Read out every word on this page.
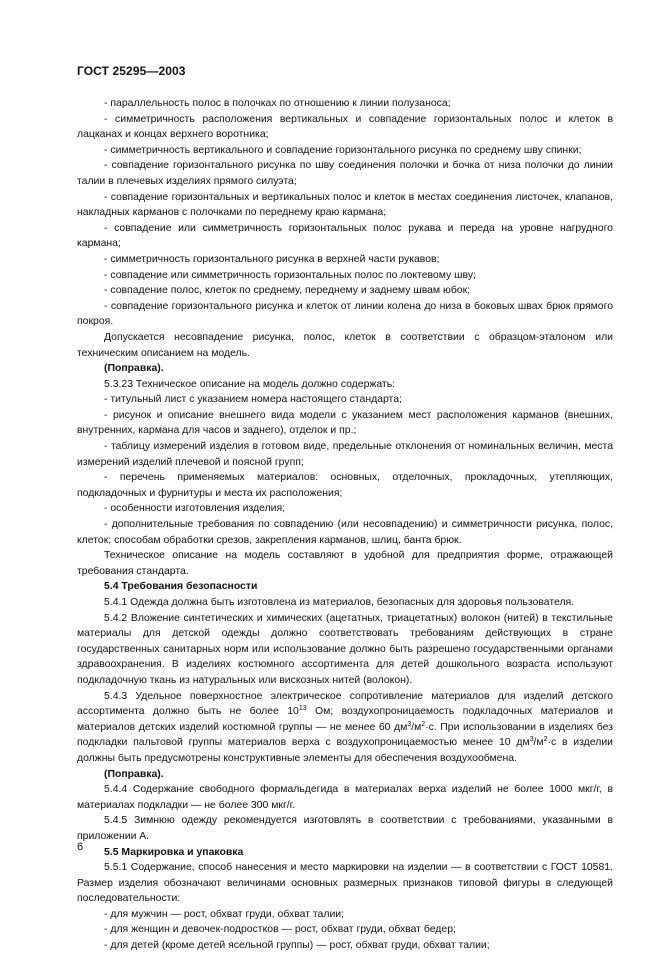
ГОСТ 25295—2003

- параллельность полос в полочках по отношению к линии полузаноса;

- симметричность расположения вертикальных и совпадение горизонтальных полос и клеток в лацканах и концах верхнего воротника;

- симметричность вертикального и совпадение горизонтального рисунка по среднему шву спинки;

- совпадение горизонтального рисунка по шву соединения полочки и бочка от низа полочки до линии талии в плечевых изделиях прямого силуэта;

- совпадение горизонтальных и вертикальных полос и клеток в местах соединения листочек, клапанов, накладных карманов с полочками по переднему краю кармана;

- совпадение или симметричность горизонтальных полос рукава и переда на уровне нагрудного кармана;

- симметричность горизонтального рисунка в верхней части рукавов;

- совпадение или симметричность горизонтальных полос по локтевому шву;

- совпадение полос, клеток по среднему, переднему и заднему швам юбок;

- совпадение горизонтального рисунка и клеток от линии колена до низа в боковых швах брюк прямого покроя.

Допускается несовпадение рисунка, полос, клеток в соответствии с образцом-эталоном или техническим описанием на модель.

(Поправка).

5.3.23 Техническое описание на модель должно содержать:

- титульный лист с указанием номера настоящего стандарта;

- рисунок и описание внешнего вида модели с указанием мест расположения карманов (внешних, внутренних, кармана для часов и заднего), отделок и пр.;

- таблицу измерений изделия в готовом виде, предельные отклонения от номинальных величин, места измерений изделий плечевой и поясной групп;

- перечень применяемых материалов: основных, отделочных, прокладочных, утепляющих, подкладочных и фурнитуры и места их расположения;

- особенности изготовления изделия;

- дополнительные требования по совпадению (или несовпадению) и симметричности рисунка, полос, клеток; способам обработки срезов, закрепления карманов, шлиц, банта брюк.

Техническое описание на модель составляют в удобной для предприятия форме, отражающей требования стандарта.

5.4 Требования безопасности

5.4.1 Одежда должна быть изготовлена из материалов, безопасных для здоровья пользователя.

5.4.2 Вложение синтетических и химических (ацетатных, триацетатных) волокон (нитей) в текстильные материалы для детской одежды должно соответствовать требованиям действующих в стране государственных санитарных норм или использование должно быть разрешено государственными органами здравоохранения. В изделиях костюмного ассортимента для детей дошкольного возраста используют подкладочную ткань из натуральных или вискозных нитей (волокон).

5.4.3 Удельное поверхностное электрическое сопротивление материалов для изделий детского ассортимента должно быть не более $10^{13}$ Ом; воздухопроницаемость подкладочных материалов и материалов детских изделий костюмной группы — не менее 60 $дм^3/м^2\cdot с$. При использовании в изделиях без подкладки пальтовой группы материалов верха с воздухопроницаемостью менее 10 $дм^3/м^2\cdot с$ в изделии должны быть предусмотрены конструктивные элементы для обеспечения воздухообмена.

(Поправка).

5.4.4 Содержание свободного формальдегида в материалах верха изделий не более 1000 мкг/г, в материалах подкладки — не более 300 мкг/г.

5.4.5 Зимнюю одежду рекомендуется изготовлять в соответствии с требованиями, указанными в приложении А.

5.5 Маркировка и упаковка

5.5.1 Содержание, способ нанесения и место маркировки на изделии — в соответствии с ГОСТ 10581. Размер изделия обозначают величинами основных размерных признаков типовой фигуры в следующей последовательности:

- для мужчин — рост, обхват груди, обхват талии;

- для женщин и девочек-подростков — рост, обхват груди, обхват бедер;

- для детей (кроме детей ясельной группы) — рост, обхват груди, обхват талии;

6
